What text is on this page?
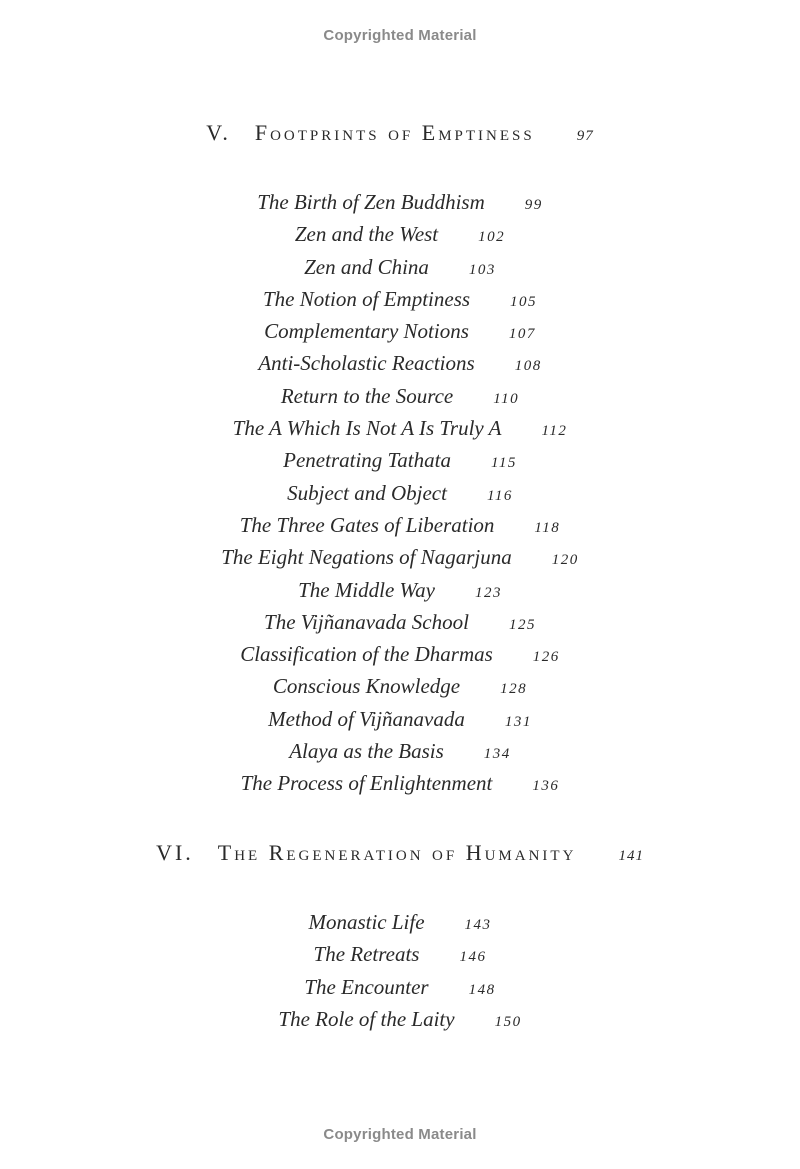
Copyrighted Material
V. Footprints of Emptiness	97
The Birth of Zen Buddhism	99
Zen and the West	102
Zen and China	103
The Notion of Emptiness	105
Complementary Notions	107
Anti-Scholastic Reactions	108
Return to the Source	110
The A Which Is Not A Is Truly A	112
Penetrating Tathata	115
Subject and Object	116
The Three Gates of Liberation	118
The Eight Negations of Nagarjuna	120
The Middle Way	123
The Vijñanavada School	125
Classification of the Dharmas	126
Conscious Knowledge	128
Method of Vijñanavada	131
Alaya as the Basis	134
The Process of Enlightenment	136
VI. The Regeneration of Humanity	141
Monastic Life	143
The Retreats	146
The Encounter	148
The Role of the Laity	150
Copyrighted Material
